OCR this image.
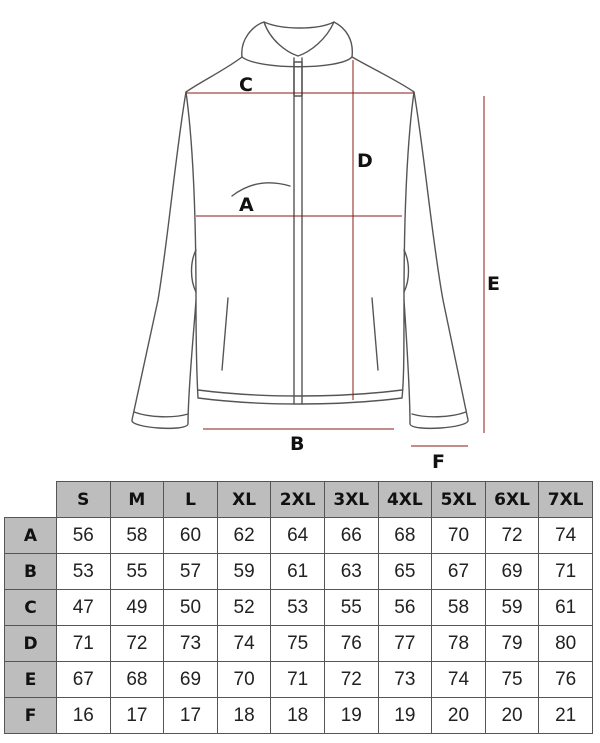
C
A
D
E
B
F
	S	M	L	XL	2XL	3XL	4XL	5XL	6XL	7XL
A	56	58	60	62	64	66	68	70	72	74
B	53	55	57	59	61	63	65	67	69	71
C	47	49	50	52	53	55	56	58	59	61
D	71	72	73	74	75	76	77	78	79	80
E	67	68	69	70	71	72	73	74	75	76
F	16	17	17	18	18	19	19	20	20	21
